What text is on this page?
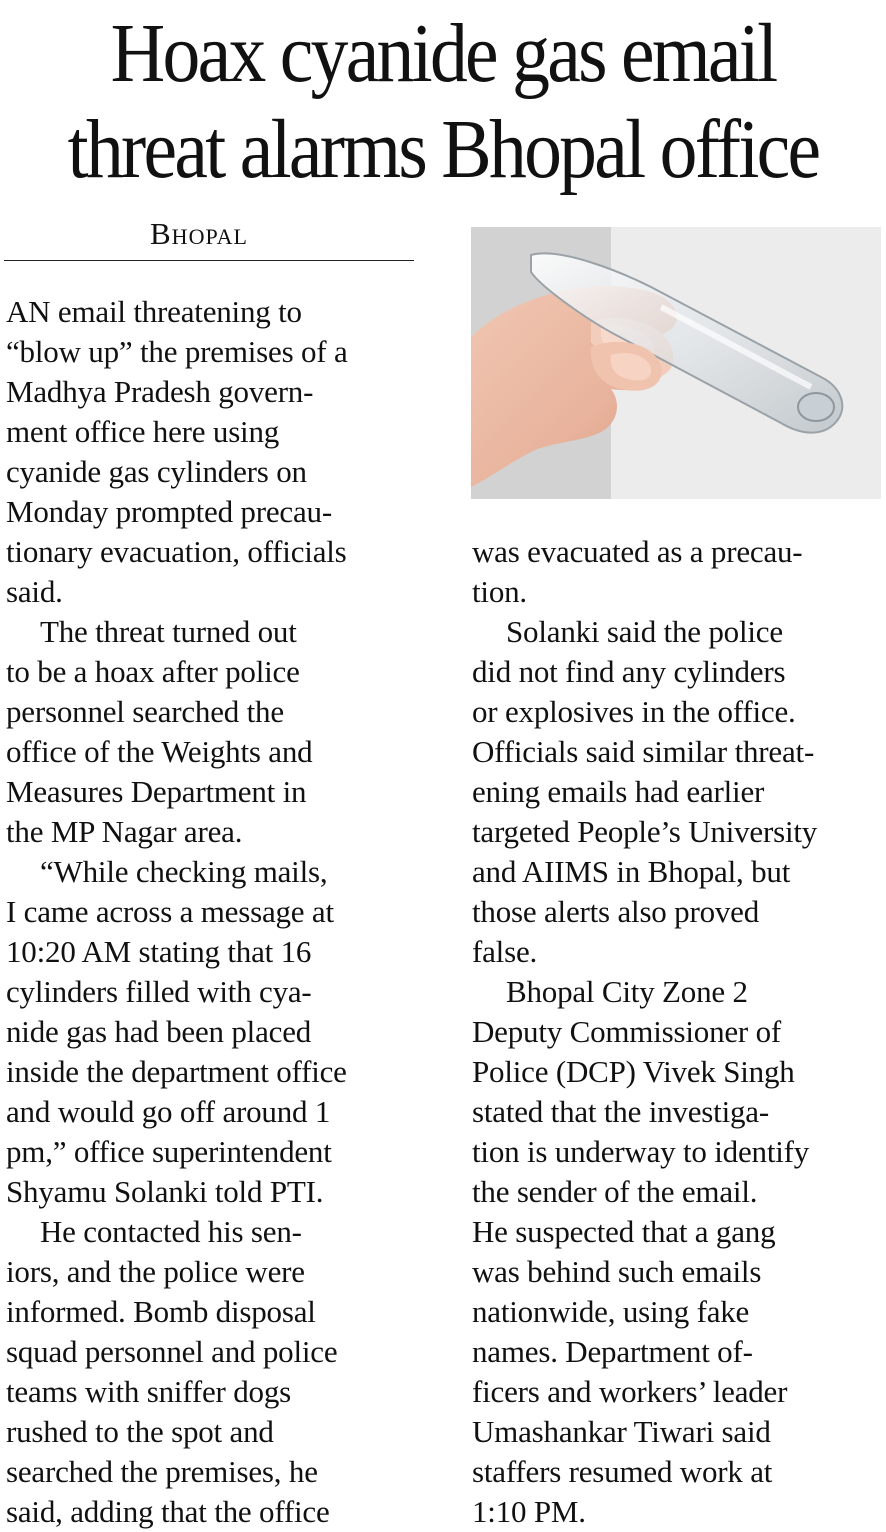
Hoax cyanide gas email
threat alarms Bhopal office
Bhopal
AN email threatening to
“blow up” the premises of a
Madhya Pradesh govern-
ment office here using
cyanide gas cylinders on
Monday prompted precau-
tionary evacuation, officials
said.
The threat turned out
to be a hoax after police
personnel searched the
office of the Weights and
Measures Department in
the MP Nagar area.
“While checking mails,
I came across a message at
10:20 AM stating that 16
cylinders filled with cya-
nide gas had been placed
inside the department office
and would go off around 1
pm,” office superintendent
Shyamu Solanki told PTI.
He contacted his sen-
iors, and the police were
informed. Bomb disposal
squad personnel and police
teams with sniffer dogs
rushed to the spot and
searched the premises, he
said, adding that the office
was evacuated as a precau-
tion.
Solanki said the police
did not find any cylinders
or explosives in the office.
Officials said similar threat-
ening emails had earlier
targeted People’s University
and AIIMS in Bhopal, but
those alerts also proved
false.
Bhopal City Zone 2
Deputy Commissioner of
Police (DCP) Vivek Singh
stated that the investiga-
tion is underway to identify
the sender of the email.
He suspected that a gang
was behind such emails
nationwide, using fake
names. Department of-
ficers and workers’ leader
Umashankar Tiwari said
staffers resumed work at
1:10 PM.
